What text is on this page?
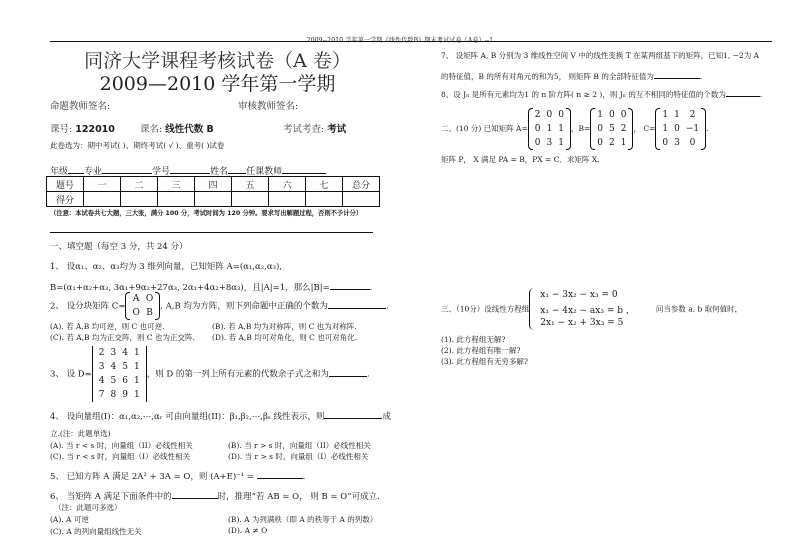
同济大学课程考核试卷（A 卷）
2009—2010 学年第一学期
命题教师签名:	审核教师签名:
课号: 122010	课名: 线性代数 B	考试考查: 考试
此卷选为：期中考试( )、期终考试( √ )、重考( )试卷
年级 专业	学号	姓名 任课教师
题号	一	二	三	四	五	六	七	总分
得分								
（注意：本试卷共七大题，三大张，满分 100 分，考试时间为 120 分钟。要求写出解题过程，否则不予计分）
一、填空题（每空 3 分，共 24 分）
1、 设α₁、α₂、α₃均为 3 维列向量，已知矩阵 A=(α₁,α₂,α₃),
B=(α₁+α₂+α₃, 3α₁+9α₂+27α₃, 2α₁+4α₂+8α₃)，且|A|=1，那么|B|=	.
2、 设分块矩阵 C=
A	O
O	B
, A,B 均为方阵，则下列命题中正确的个数为	.
(A). 若 A,B 均可逆，则 C 也可逆.	(B). 若 A,B 均为对称阵，则 C 也为对称阵.
(C). 若 A,B 均为正交阵，则 C 也为正交阵. (D). 若 A,B 均可对角化，则 C 也可对角化.
3、 设 D=
2	3	4	1
3	4	5	1
4	5	6	1
7	8	9	1
，则 D 的第一列上所有元素的代数余子式之和为	.
4、 设向量组(I)：α₁,α₂,⋯,αᵣ 可由向量组(II)：β₁,β₂,⋯,βₛ 线性表示，则	成
立.(注：此题单选)
(A). 当 r < s 时，向量组（II）必线性相关	(B). 当 r > s 时，向量组（II）必线性相关
(C). 当 r < s 时，向量组（I）必线性相关	(D). 当 r > s 时，向量组（I）必线性相关
5、 已知方阵 A 满足 2A² + 3A = O，则 (A+E)⁻¹ =	.
6、 当矩阵 A 满足下面条件中的	时，推理“若 AB = O， 则 B = O”可成立.
（注：此题可多选）
(A). A 可逆	(B). A 为列满秩（即 A 的秩等于 A 的列数）
(C). A 的列向量组线性无关	(D). A ≠ O
7、 设矩阵 A, B 分别为 3 维线性空间 V 中的线性变换 T 在某两组基下的矩阵，已知1, −2为 A
的特征值，B 的所有对角元的和为5， 则矩阵 B 的全部特征值为	.
8、设 Jₙ 是所有元素均为1 的 n 阶方阵( n ≥ 2 )，则 Jₙ 的互不相同的特征值的个数为	.
二、(10 分) 已知矩阵 A=
2	0	0
0	1	1
0	3	1
，B=
1	0	0
0	5	2
0	2	1
， C=
1	1	2
1	0	−1
0	3	0
.
矩阵 P， X 满足 PA = B，PX = C．求矩阵 X.
三、（10分）设线性方程组
x₁ − 3x₂ − x₃ = 0
x₁ − 4x₂ − ax₃ = b ，
2x₁ − x₂ + 3x₃ = 5
问当参数 a, b 取何值时，
(1). 此方程组无解?
(2). 此方程组有唯一解?
(3). 此方程组有无穷多解?
